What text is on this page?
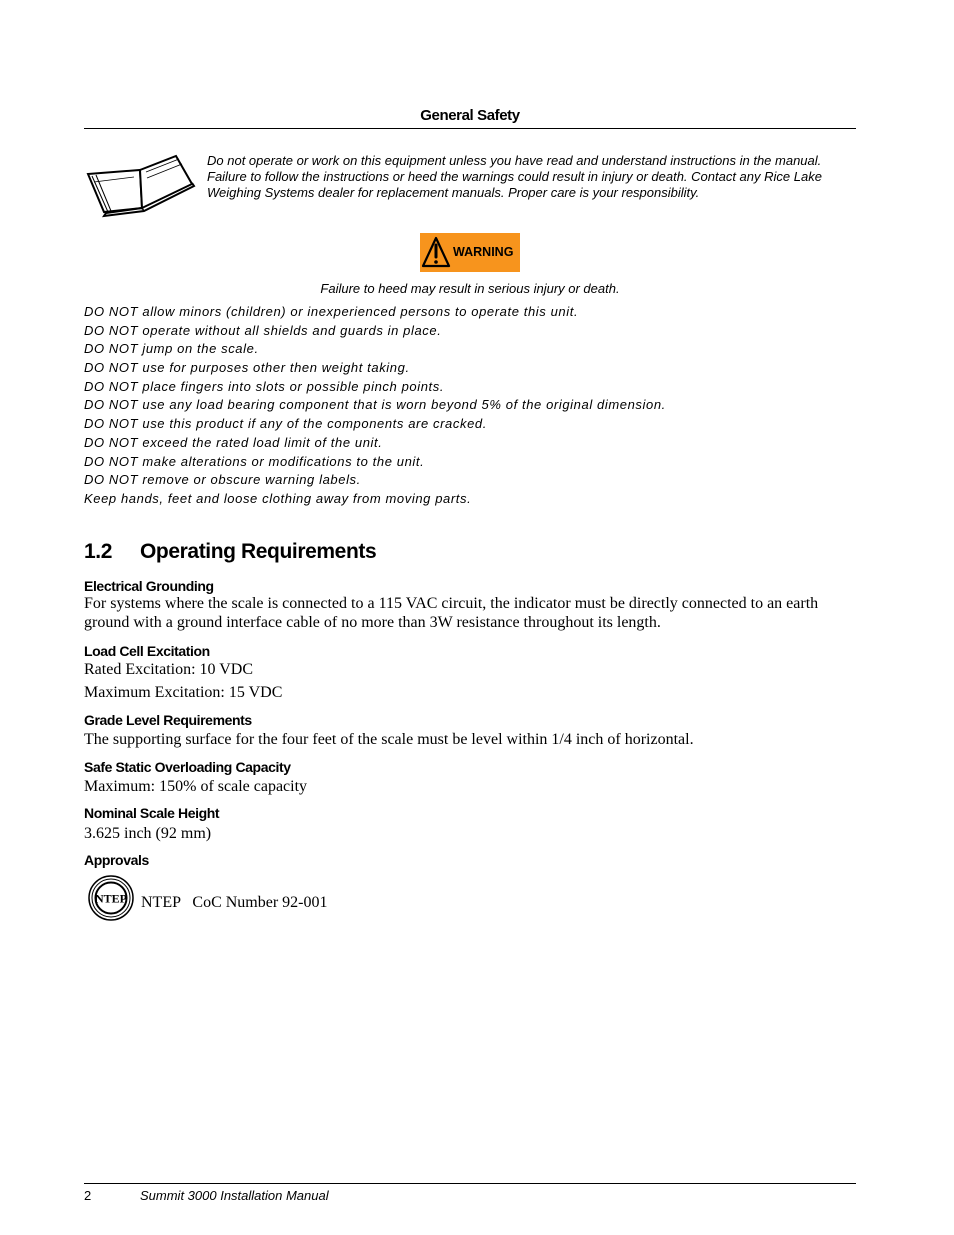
General Safety
Do not operate or work on this equipment unless you have read and understand instructions in the manual. Failure to follow the instructions or heed the warnings could result in injury or death. Contact any Rice Lake Weighing Systems dealer for replacement manuals. Proper care is your responsibility.
WARNING
Failure to heed may result in serious injury or death.
DO NOT allow minors (children) or inexperienced persons to operate this unit.
DO NOT operate without all shields and guards in place.
DO NOT jump on the scale.
DO NOT use for purposes other then weight taking.
DO NOT place fingers into slots or possible pinch points.
DO NOT use any load bearing component that is worn beyond 5% of the original dimension.
DO NOT use this product if any of the components are cracked.
DO NOT exceed the rated load limit of the unit.
DO NOT make alterations or modifications to the unit.
DO NOT remove or obscure warning labels.
Keep hands, feet and loose clothing away from moving parts.
1.2 Operating Requirements
Electrical Grounding
For systems where the scale is connected to a 115 VAC circuit, the indicator must be directly connected to an earth ground with a ground interface cable of no more than 3W resistance throughout its length.
Load Cell Excitation
Rated Excitation: 10 VDC
Maximum Excitation: 15 VDC
Grade Level Requirements
The supporting surface for the four feet of the scale must be level within 1/4 inch of horizontal.
Safe Static Overloading Capacity
Maximum: 150% of scale capacity
Nominal Scale Height
3.625 inch (92 mm)
Approvals
NTEP NTEP   CoC Number 92-001
2	Summit 3000 Installation Manual
